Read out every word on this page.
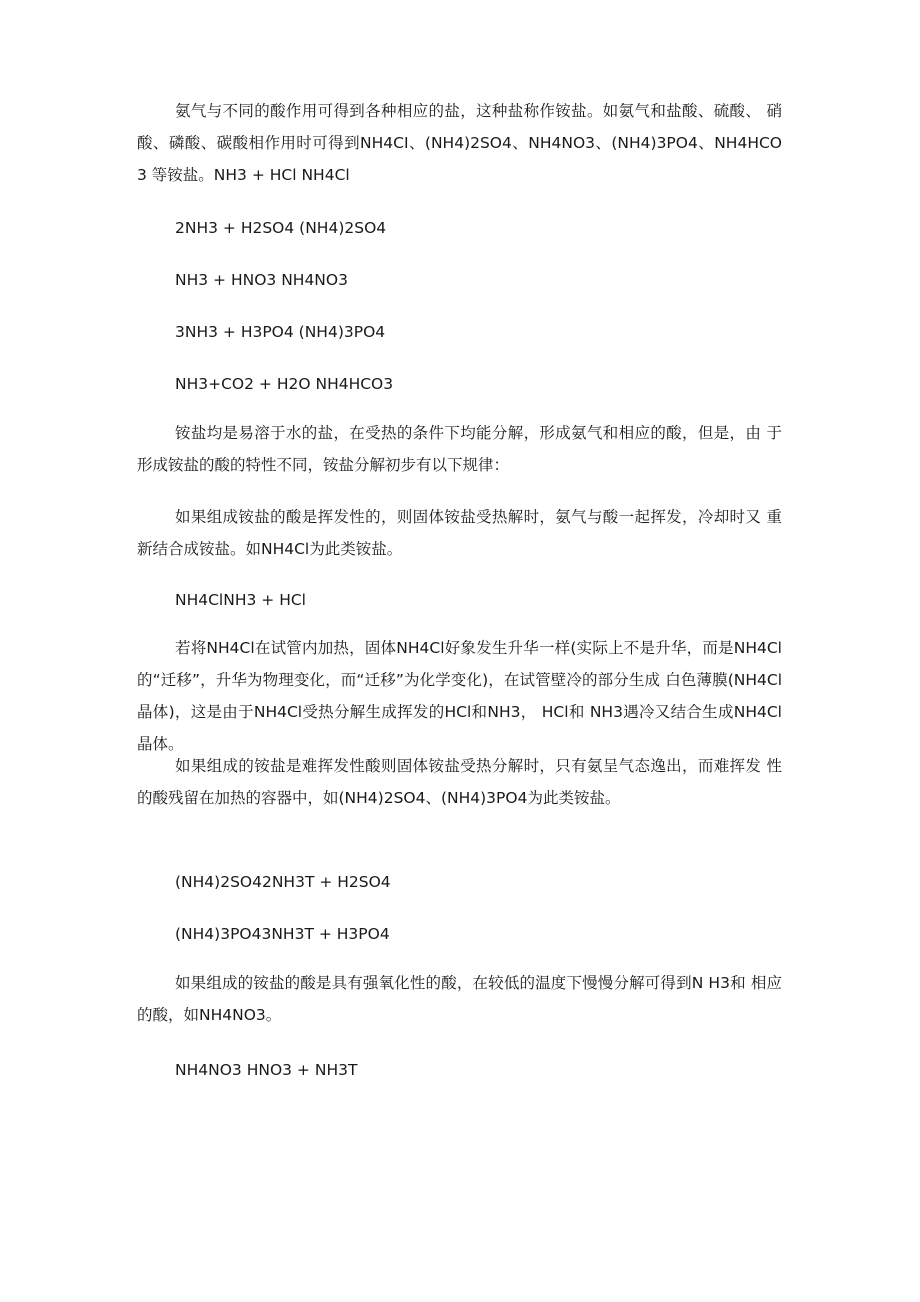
氨气与不同的酸作用可得到各种相应的盐，这种盐称作铵盐。如氨气和盐酸、硫酸、 硝酸、磷酸、碳酸相作用时可得到NH4CI、(NH4)2SO4、NH4NO3、(NH4)3PO4、NH4HCO3 等铵盐。NH3 + HCl NH4Cl

2NH3 + H2SO4 (NH4)2SO4

NH3 + HNO3 NH4NO3

3NH3 + H3PO4 (NH4)3PO4

NH3+CO2 + H2O NH4HCO3

铵盐均是易溶于水的盐，在受热的条件下均能分解，形成氨气和相应的酸，但是，由 于形成铵盐的酸的特性不同，铵盐分解初步有以下规律：

如果组成铵盐的酸是挥发性的，则固体铵盐受热解时，氨气与酸一起挥发，冷却时又 重新结合成铵盐。如NH4Cl为此类铵盐。

NH4ClNH3 + HCl

若将NH4Cl在试管内加热，固体NH4Cl好象发生升华一样(实际上不是升华，而是NH4Cl的“迁移”，升华为物理变化，而“迁移”为化学变化)，在试管壁冷的部分生成 白色薄膜(NH4Cl晶体)，这是由于NH4Cl受热分解生成挥发的HCl和NH3， HCl和 NH3遇冷又结合生成NH4Cl晶体。

如果组成的铵盐是难挥发性酸则固体铵盐受热分解时，只有氨呈气态逸出，而难挥发 性的酸残留在加热的容器中，如(NH4)2SO4、(NH4)3PO4为此类铵盐。

(NH4)2SO42NH3T + H2SO4

(NH4)3PO43NH3T + H3PO4

如果组成的铵盐的酸是具有强氧化性的酸，在较低的温度下慢慢分解可得到N H3和 相应的酸，如NH4NO3。

NH4NO3 HNO3 + NH3T
